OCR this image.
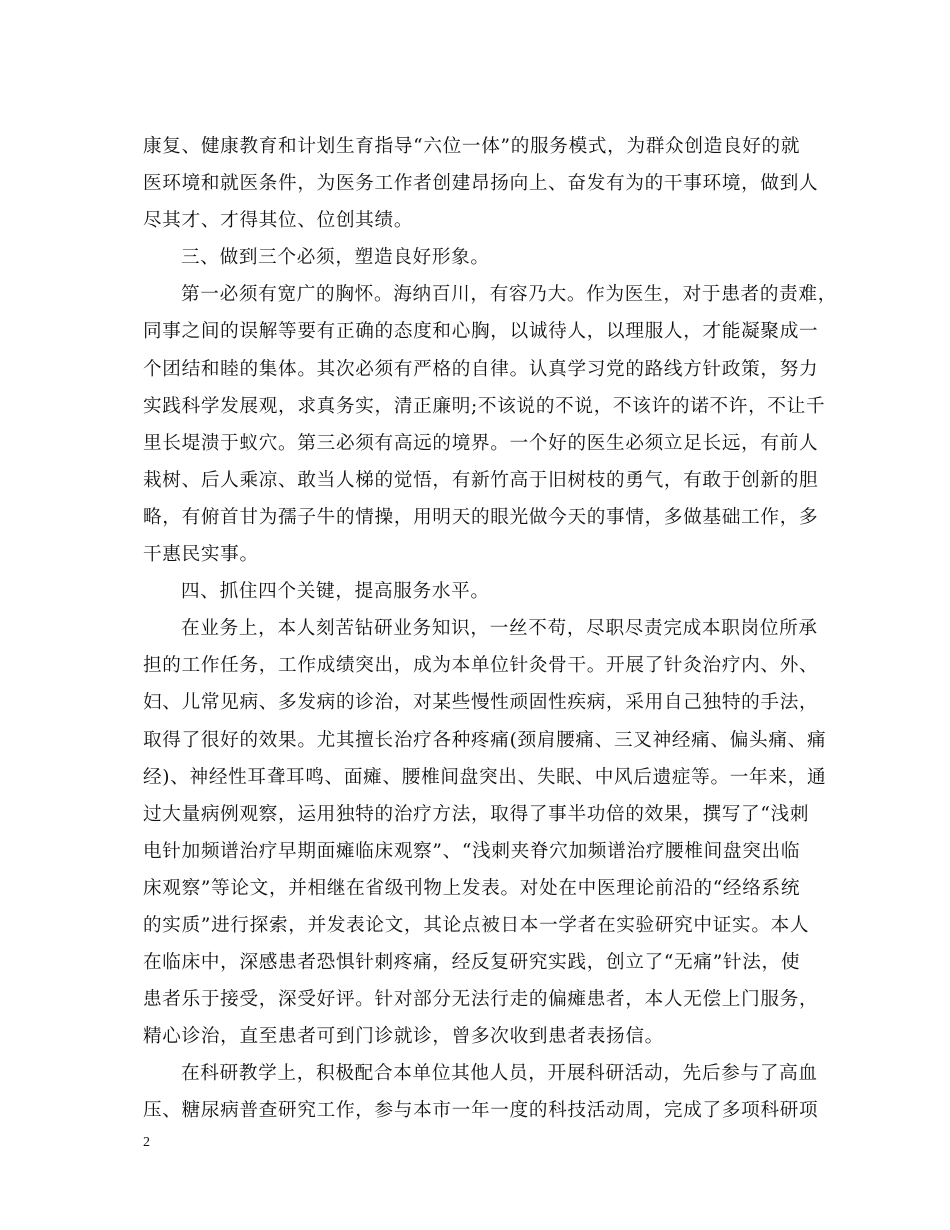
康复、健康教育和计划生育指导“六位一体”的服务模式，为群众创造良好的就
医环境和就医条件，为医务工作者创建昂扬向上、奋发有为的干事环境，做到人
尽其才、才得其位、位创其绩。
三、做到三个必须，塑造良好形象。
第一必须有宽广的胸怀。海纳百川，有容乃大。作为医生，对于患者的责难，
同事之间的误解等要有正确的态度和心胸，以诚待人，以理服人，才能凝聚成一
个团结和睦的集体。其次必须有严格的自律。认真学习党的路线方针政策，努力
实践科学发展观，求真务实，清正廉明;不该说的不说，不该许的诺不许，不让千
里长堤溃于蚁穴。第三必须有高远的境界。一个好的医生必须立足长远，有前人
栽树、后人乘凉、敢当人梯的觉悟，有新竹高于旧树枝的勇气，有敢于创新的胆
略，有俯首甘为孺子牛的情操，用明天的眼光做今天的事情，多做基础工作，多
干惠民实事。
四、抓住四个关键，提高服务水平。
在业务上，本人刻苦钻研业务知识，一丝不苟，尽职尽责完成本职岗位所承
担的工作任务，工作成绩突出，成为本单位针灸骨干。开展了针灸治疗内、外、
妇、儿常见病、多发病的诊治，对某些慢性顽固性疾病，采用自己独特的手法，
取得了很好的效果。尤其擅长治疗各种疼痛(颈肩腰痛、三叉神经痛、偏头痛、痛
经)、神经性耳聋耳鸣、面瘫、腰椎间盘突出、失眠、中风后遗症等。一年来，通
过大量病例观察，运用独特的治疗方法，取得了事半功倍的效果，撰写了“浅刺
电针加频谱治疗早期面瘫临床观察”、“浅刺夹脊穴加频谱治疗腰椎间盘突出临
床观察”等论文，并相继在省级刊物上发表。对处在中医理论前沿的“经络系统
的实质”进行探索，并发表论文，其论点被日本一学者在实验研究中证实。本人
在临床中，深感患者恐惧针刺疼痛，经反复研究实践，创立了“无痛”针法，使
患者乐于接受，深受好评。针对部分无法行走的偏瘫患者，本人无偿上门服务，
精心诊治，直至患者可到门诊就诊，曾多次收到患者表扬信。
在科研教学上，积极配合本单位其他人员，开展科研活动，先后参与了高血
压、糖尿病普查研究工作，参与本市一年一度的科技活动周，完成了多项科研项
2
